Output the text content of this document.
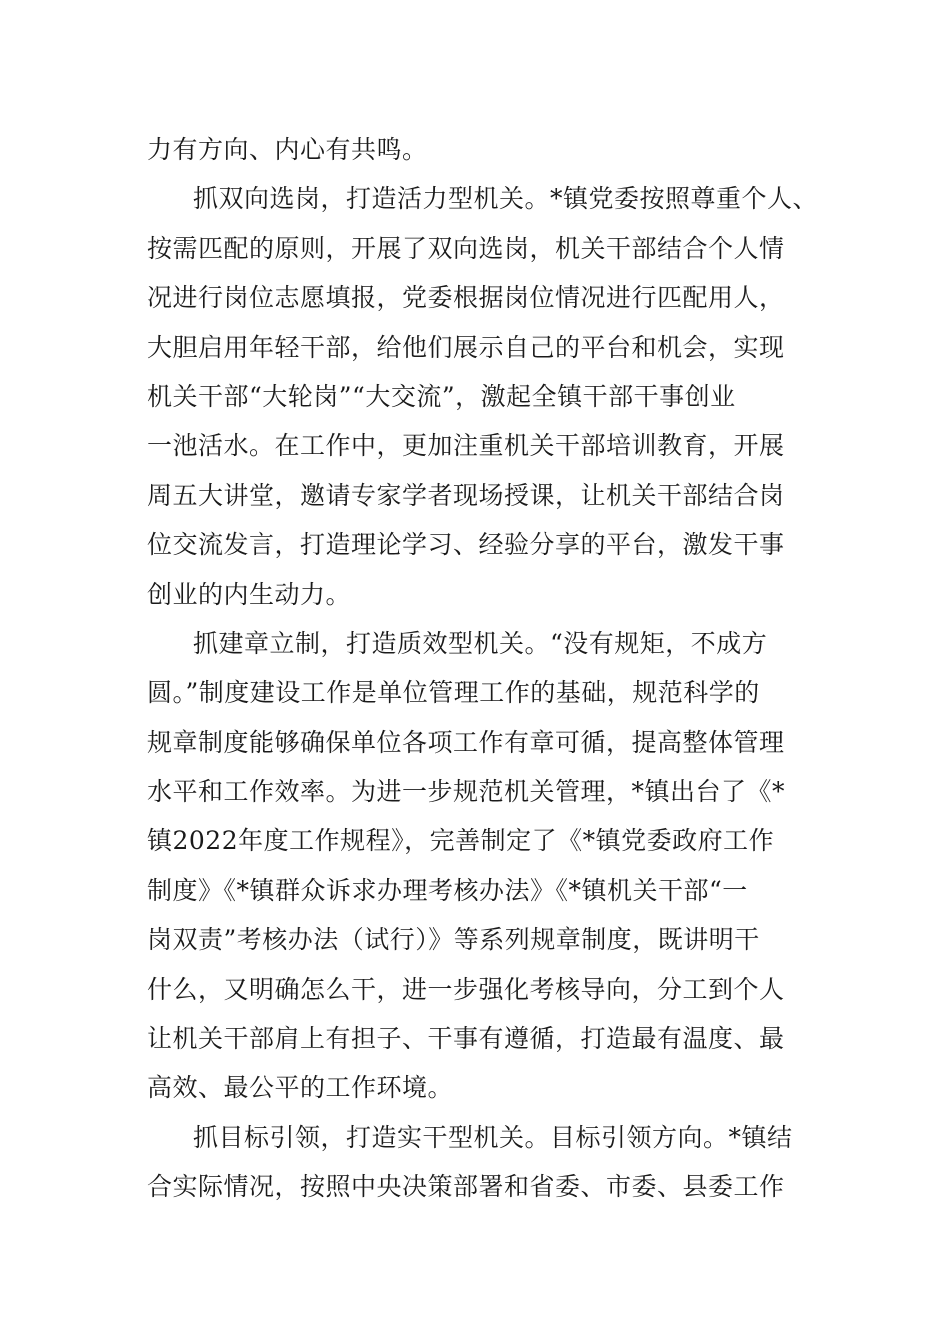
力有方向、内心有共鸣。
抓双向选岗，打造活力型机关。*镇党委按照尊重个人、
按需匹配的原则，开展了双向选岗，机关干部结合个人情
况进行岗位志愿填报，党委根据岗位情况进行匹配用人，
大胆启用年轻干部，给他们展示自己的平台和机会，实现
机关干部“大轮岗”“大交流”，激起全镇干部干事创业
一池活水。在工作中，更加注重机关干部培训教育，开展
周五大讲堂，邀请专家学者现场授课，让机关干部结合岗
位交流发言，打造理论学习、经验分享的平台，激发干事
创业的内生动力。
抓建章立制，打造质效型机关。“没有规矩，不成方
圆。”制度建设工作是单位管理工作的基础，规范科学的
规章制度能够确保单位各项工作有章可循，提高整体管理
水平和工作效率。为进一步规范机关管理，*镇出台了《*
镇2022年度工作规程》，完善制定了《*镇党委政府工作
制度》《*镇群众诉求办理考核办法》《*镇机关干部“一
岗双责”考核办法（试行）》等系列规章制度，既讲明干
什么，又明确怎么干，进一步强化考核导向，分工到个人
让机关干部肩上有担子、干事有遵循，打造最有温度、最
高效、最公平的工作环境。
抓目标引领，打造实干型机关。目标引领方向。*镇结
合实际情况，按照中央决策部署和省委、市委、县委工作
